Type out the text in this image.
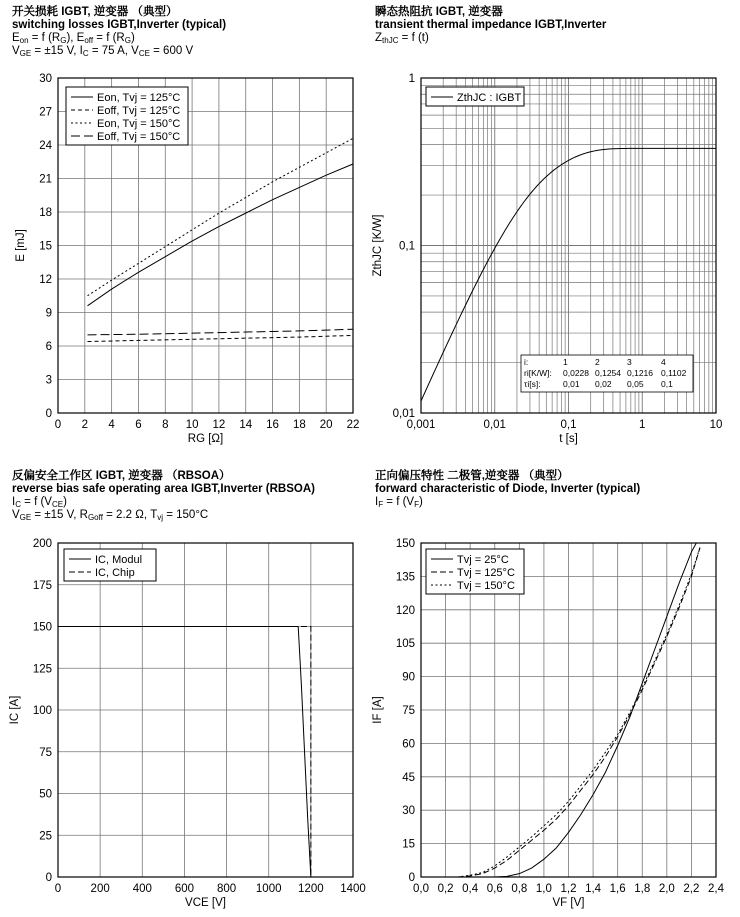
开关损耗 IGBT, 逆变器 （典型）
switching losses IGBT,Inverter (typical)
$E_{on} = f$ $(R_G)$, $E_{off} = f$ $(R_G)$
$V_{GE} = \pm 15$ V, $I_C = 75$ A, $V_{CE} = 600$ V
瞬态热阻抗 IGBT, 逆变器
transient thermal impedance IGBT,Inverter
$Z_{thJC} = f$ (t)
反偏安全工作区 IGBT, 逆变器 （RBSOA）
reverse bias safe operating area IGBT,Inverter (RBSOA)
$I_C = f$ $(V_{CE})$
$V_{GE} = \pm 15$ V, $R_{Goff} = 2.2$ Ω, $T_{vj} = 150^\circ C$
正向偏压特性 二极管,逆变器 （典型）
forward characteristic of Diode, Inverter (typical)
$I_F = f$ $(V_F)$
0 2 4 6 8 10 12 14 16 18 20 22
0
3
6
9
12
15
18
21
24
27
30
RG [Ω]
E [mJ]
Eon, Tvj = 125°C
Eoff, Tvj = 125°C
Eon, Tvj = 150°C
Eoff, Tvj = 150°C
0,001	0,01	0,1	1	10
0,01
0,1
1
t [s]
ZthJC [K/W]
ZthJC : IGBT
i:	1	2	3	4
ri[K/W]: 0,0228 0,1254 0,1216 0,1102
τi[s]:	0,01 0,02 0,05 0,1
0	200 400 600 800 1000 1200 1400
0
25
50
75
100
125
150
175
200
VCE [V]
IC [A]
IC, Modul
IC, Chip
0,0 0,2 0,4 0,6 0,8 1,0 1,2 1,4 1,6 1,8 2,0 2,2 2,4
0
15
30
45
60
75
90
105
120
135
150
VF [V]
IF [A]
Tvj = 25°C
Tvj = 125°C
Tvj = 150°C
